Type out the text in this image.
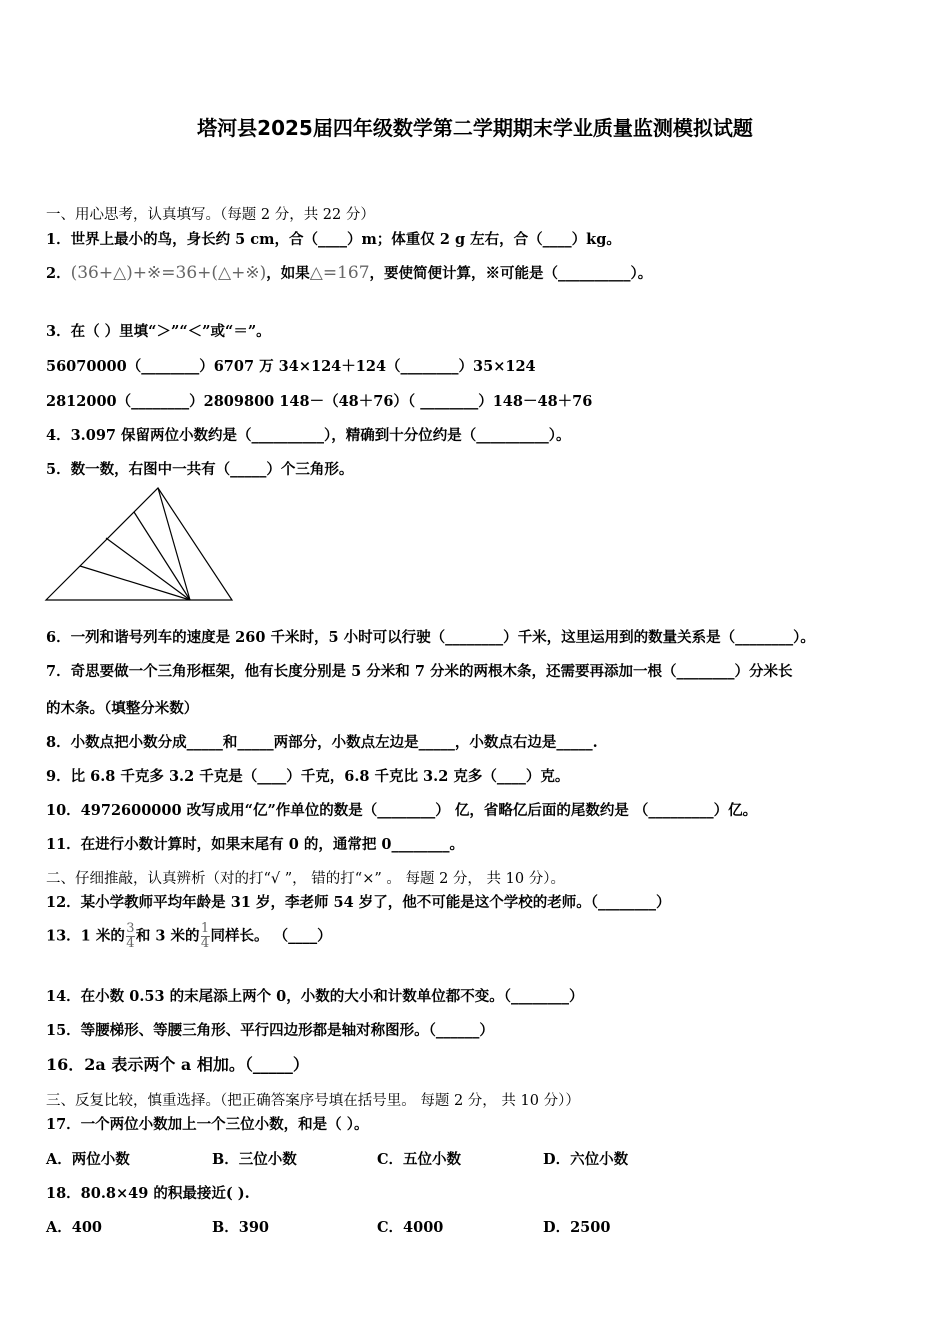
塔河县2025届四年级数学第二学期期末学业质量监测模拟试题
一、用心思考，认真填写。（每题 2 分，共 22 分）
1．世界上最小的鸟，身长约 5 cm，合（____）m；体重仅 2 g 左右，合（____）kg。
2．(36+△)+※=36+(△+※)，如果△=167，要使简便计算，※可能是（__________）。
3．在（ ）里填“＞”“＜”或“＝”。
56070000（________）6707 万 34×124＋124（________）35×124
2812000（________）2809800 148－（48＋76）（ ________）148－48＋76
4．3.097 保留两位小数约是（__________），精确到十分位约是（__________）。
5．数一数，右图中一共有（_____）个三角形。
6．一列和谐号列车的速度是 260 千米时，5 小时可以行驶（________）千米，这里运用到的数量关系是（________）。
7．奇思要做一个三角形框架，他有长度分别是 5 分米和 7 分米的两根木条，还需要再添加一根（________）分米长
的木条。（填整分米数）
8．小数点把小数分成_____和_____两部分，小数点左边是_____，小数点右边是_____.
9．比 6.8 千克多 3.2 千克是（____）千克，6.8 千克比 3.2 克多（____）克。
10．4972600000 改写成用“亿”作单位的数是（________） 亿，省略亿后面的尾数约是 （_________）亿。
11．在进行小数计算时，如果末尾有 0 的，通常把 0________。
二、仔细推敲，认真辨析（对的打“√ ”， 错的打“×” 。 每题 2 分， 共 10 分）。
12．某小学教师平均年龄是 31 岁，李老师 54 岁了，他不可能是这个学校的老师。（________）
13．1 米的 $\frac{3}{4}$ 和 3 米的 $\frac{1}{4}$ 同样长。 （____）
14．在小数 0.53 的末尾添上两个 0，小数的大小和计数单位都不变。（________）
15．等腰梯形、等腰三角形、平行四边形都是轴对称图形。（______）
16．2a 表示两个 a 相加。（_____）
三、反复比较，慎重选择。（把正确答案序号填在括号里。 每题 2 分， 共 10 分））
17．一个两位小数加上一个三位小数，和是（ ）。
A．两位小数	B．三位小数	C．五位小数	D．六位小数
18．80.8×49 的积最接近( ).
A．400	B．390	C．4000	D．2500
